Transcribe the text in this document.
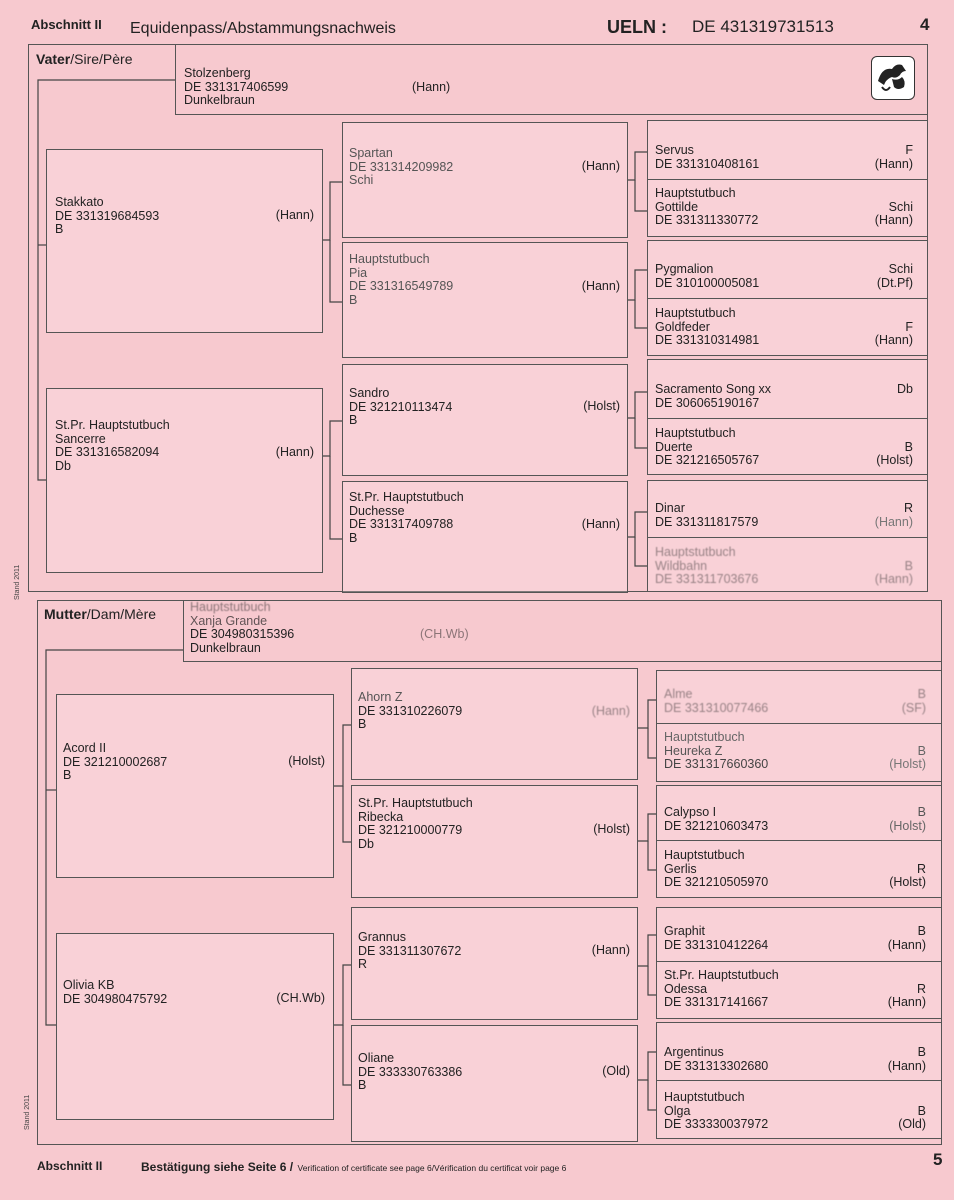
Abschnitt II Equidenpass/Abstammungsnachweis	UELN : DE 431319731513	4
Vater/Sire/Père
Mutter/Dam/Mère
Stolzenberg
DE 331317406599
Dunkelbraun
(Hann)
Hauptstutbuch
Xanja Grande
DE 304980315396
Dunkelbraun
(CH.Wb)
Stakkato
DE 331319684593
B
(Hann)
St.Pr. Hauptstutbuch
Sancerre
DE 331316582094
Db
(Hann)
Acord II
DE 321210002687
B
(Holst)
Olivia KB
DE 304980475792	(CH.Wb)
Spartan
DE 331314209982
Schi
(Hann)
Hauptstutbuch
Pia
DE 331316549789
B
(Hann)
Sandro
DE 321210113474
B
(Holst)
St.Pr. Hauptstutbuch
Duchesse
DE 331317409788
B
(Hann)
Ahorn Z
DE 331310226079
B
(Hann)
St.Pr. Hauptstutbuch
Ribecka
DE 321210000779
Db
(Holst)
Grannus
DE 331311307672
R
(Hann)
Oliane
DE 333330763386
B
(Old)
Servus
DE 331310408161
F
(Hann)
Hauptstutbuch
Gottilde
DE 331311330772
Schi
(Hann)
Pygmalion
DE 310100005081
Schi
(Dt.Pf)
Hauptstutbuch
Goldfeder
DE 331310314981
F
(Hann)
Sacramento Song xx
DE 306065190167
Db
Hauptstutbuch
Duerte
DE 321216505767
B
(Holst)
Dinar
DE 331311817579
R
(Hann)
Hauptstutbuch
Wildbahn
DE 331311703676
B
(Hann)
Alme
DE 331310077466
B
(SF)
Hauptstutbuch
Heureka Z
DE 331317660360
B
(Holst)
Calypso I
DE 321210603473
B
(Holst)
Hauptstutbuch
Gerlis
DE 321210505970
R
(Holst)
Graphit
DE 331310412264
B
(Hann)
St.Pr. Hauptstutbuch
Odessa
DE 331317141667
R
(Hann)
Argentinus
DE 331313302680
B
(Hann)
Hauptstutbuch
Olga
DE 333330037972
B
(Old)
Stand 2011
Stand 2011
Abschnitt II	Bestätigung siehe Seite 6 / Verification of certificate see page 6/Vérification du certificat voir page 6	5
